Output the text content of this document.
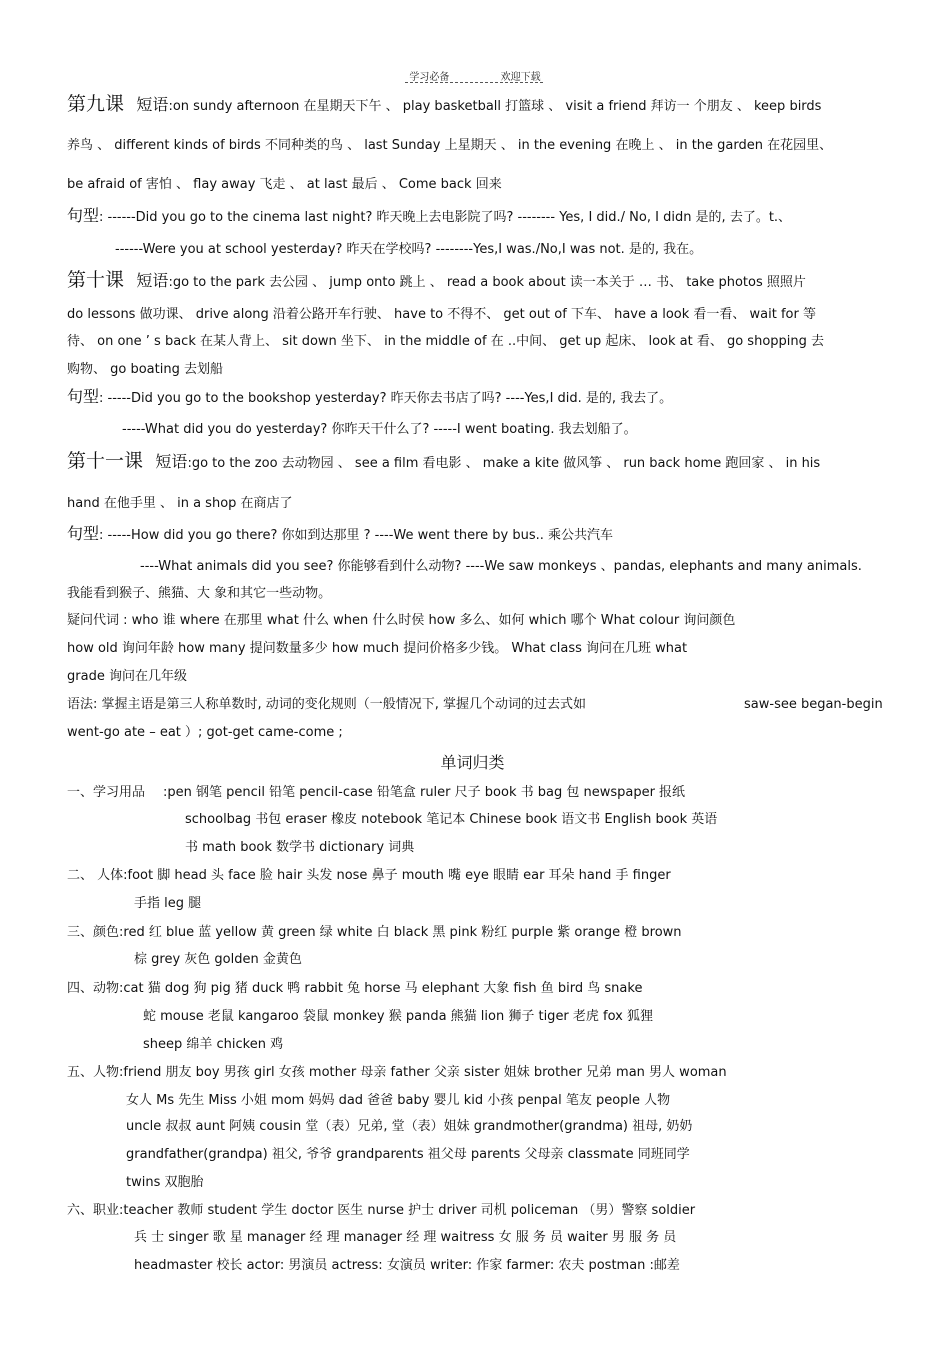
学习必备	欢迎下载
第九课 短语:on sundy afternoon 在星期天下午 、 play basketball 打篮球 、 visit a friend 拜访一 个朋友 、 keep birds
养鸟 、 different kinds of birds 不同种类的鸟 、 last Sunday 上星期天 、 in the evening 在晚上 、 in the garden 在花园里、
be afraid of 害怕 、 flay away 飞走 、 at last 最后 、 Come back 回来
句型: ------Did you go to the cinema last night? 昨天晚上去电影院了吗? -------- Yes, I did./ No, I didn 是的, 去了。t.、
------Were you at school yesterday? 昨天在学校吗? --------Yes,I was./No,I was not. 是的, 我在。
第十课 短语:go to the park 去公园 、 jump onto 跳上 、 read a book about 读一本关于 … 书、 take photos 照照片
do lessons 做功课、 drive along 沿着公路开车行驶、 have to 不得不、 get out of 下车、 have a look 看一看、 wait for 等
待、 on one ’ s back 在某人背上、 sit down 坐下、 in the middle of 在 ..中间、 get up 起床、 look at 看、 go shopping 去
购物、 go boating 去划船
句型: -----Did you go to the bookshop yesterday? 昨天你去书店了吗? ----Yes,I did. 是的, 我去了。
-----What did you do yesterday? 你昨天干什么了? -----I went boating. 我去划船了。
第十一课 短语:go to the zoo 去动物园 、 see a film 看电影 、 make a kite 做风筝 、 run back home 跑回家 、 in his
hand 在他手里 、 in a shop 在商店了
句型: -----How did you go there? 你如到达那里 ? ----We went there by bus.. 乘公共汽车
----What animals did you see? 你能够看到什么动物? ----We saw monkeys 、pandas, elephants and many animals.
我能看到猴子、熊猫、大 象和其它一些动物。
疑问代词 : who 谁 where 在那里 what 什么 when 什么时侯 how 多么、如何 which 哪个 What colour 询问颜色
how old 询问年龄 how many 提问数量多少 how much 提问价格多少钱。 What class 询问在几班 what
grade 询问在几年级
语法: 掌握主语是第三人称单数时, 动词的变化规则（一般情况下, 掌握几个动词的过去式如	saw-see began-begin
went-go ate – eat ）; got-get came-come ;
单词归类
一、学习用品 :pen 钢笔 pencil 铅笔 pencil-case 铅笔盒 ruler 尺子 book 书 bag 包 newspaper 报纸
schoolbag 书包 eraser 橡皮 notebook 笔记本 Chinese book 语文书 English book 英语
书 math book 数学书 dictionary 词典
二、 人体:foot 脚 head 头 face 脸 hair 头发 nose 鼻子 mouth 嘴 eye 眼睛 ear 耳朵 hand 手 finger
手指 leg 腿
三、颜色:red 红 blue 蓝 yellow 黄 green 绿 white 白 black 黑 pink 粉红 purple 紫 orange 橙 brown
棕 grey 灰色 golden 金黄色
四、动物:cat 猫 dog 狗 pig 猪 duck 鸭 rabbit 兔 horse 马 elephant 大象 fish 鱼 bird 鸟 snake
蛇 mouse 老鼠 kangaroo 袋鼠 monkey 猴 panda 熊猫 lion 狮子 tiger 老虎 fox 狐狸
sheep 绵羊 chicken 鸡
五、人物:friend 朋友 boy 男孩 girl 女孩 mother 母亲 father 父亲 sister 姐妹 brother 兄弟 man 男人 woman
女人 Ms 先生 Miss 小姐 mom 妈妈 dad 爸爸 baby 婴儿 kid 小孩 penpal 笔友 people 人物
uncle 叔叔 aunt 阿姨 cousin 堂（表）兄弟, 堂（表）姐妹 grandmother(grandma) 祖母, 奶奶
grandfather(grandpa) 祖父, 爷爷 grandparents 祖父母 parents 父母亲 classmate 同班同学
twins 双胞胎
六、职业:teacher 教师 student 学生 doctor 医生 nurse 护士 driver 司机 policeman （男）警察 soldier
兵 士 singer 歌 星 manager 经 理 manager 经 理 waitress 女 服 务 员 waiter 男 服 务 员
headmaster 校长 actor: 男演员 actress: 女演员 writer: 作家 farmer: 农夫 postman :邮差
